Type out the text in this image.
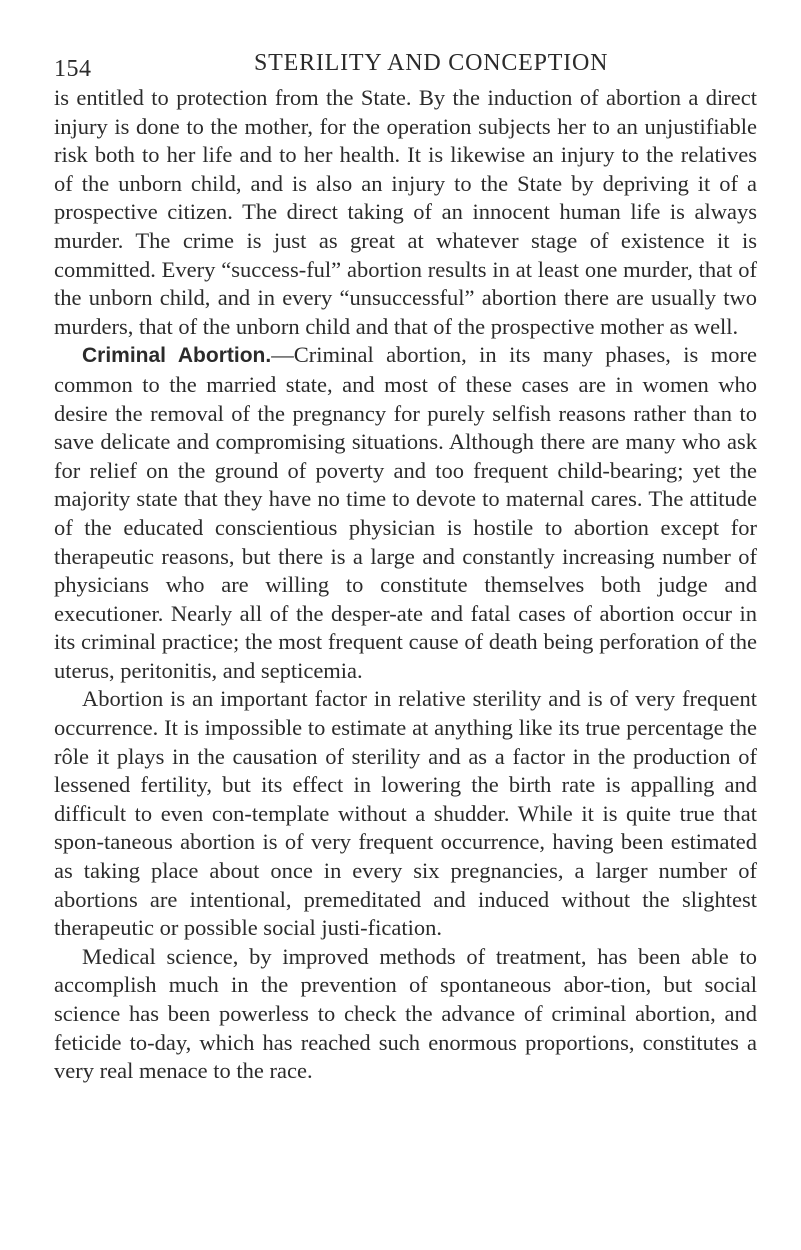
154	STERILITY AND CONCEPTION

is entitled to protection from the State. By the induction of abortion a direct injury is done to the mother, for the operation subjects her to an unjustifiable risk both to her life and to her health. It is likewise an injury to the relatives of the unborn child, and is also an injury to the State by depriving it of a prospective citizen. The direct taking of an innocent human life is always murder. The crime is just as great at whatever stage of existence it is committed. Every “success-ful” abortion results in at least one murder, that of the unborn child, and in every “unsuccessful” abortion there are usually two murders, that of the unborn child and that of the prospective mother as well.

Criminal Abortion.—Criminal abortion, in its many phases, is more common to the married state, and most of these cases are in women who desire the removal of the pregnancy for purely selfish reasons rather than to save delicate and compromising situations. Although there are many who ask for relief on the ground of poverty and too frequent child-bearing; yet the majority state that they have no time to devote to maternal cares. The attitude of the educated conscientious physician is hostile to abortion except for therapeutic reasons, but there is a large and constantly increasing number of physicians who are willing to constitute themselves both judge and executioner. Nearly all of the desper-ate and fatal cases of abortion occur in its criminal practice; the most frequent cause of death being perforation of the uterus, peritonitis, and septicemia.

Abortion is an important factor in relative sterility and is of very frequent occurrence. It is impossible to estimate at anything like its true percentage the rôle it plays in the causation of sterility and as a factor in the production of lessened fertility, but its effect in lowering the birth rate is appalling and difficult to even con-template without a shudder. While it is quite true that spon-taneous abortion is of very frequent occurrence, having been estimated as taking place about once in every six pregnancies, a larger number of abortions are intentional, premeditated and induced without the slightest therapeutic or possible social justi-fication.

Medical science, by improved methods of treatment, has been able to accomplish much in the prevention of spontaneous abor-tion, but social science has been powerless to check the advance of criminal abortion, and feticide to-day, which has reached such enormous proportions, constitutes a very real menace to the race.
